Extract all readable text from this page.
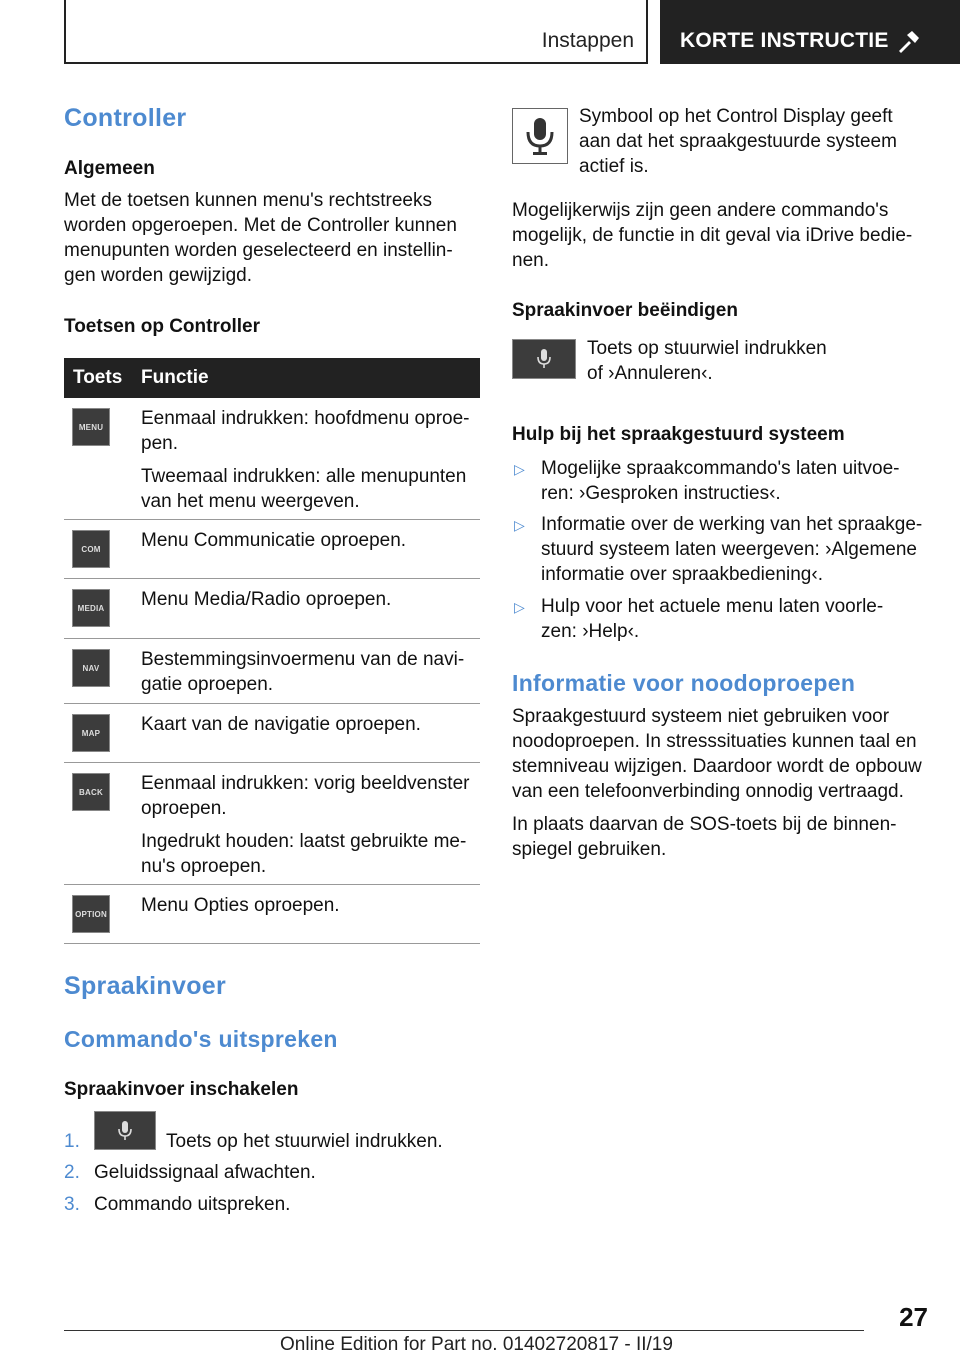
Instappen KORTE INSTRUCTIE
Controller
Algemeen
Met de toetsen kunnen menu's rechtstreeks
worden opgeroepen. Met de Controller kunnen
menupunten worden geselecteerd en instellin‐
gen worden gewijzigd.
Toetsen op Controller
Toets Functie
MENU	Eenmaal indrukken: hoofdmenu oproe‐
pen.

Tweemaal indrukken: alle menupunten
van het menu weergeven.

COM	Menu Communicatie oproepen.
MEDIA Menu Media/Radio oproepen.
NAV	Bestemmingsinvoermenu van de navi‐
gatie oproepen.
MAP	Kaart van de navigatie oproepen.
BACK	Eenmaal indrukken: vorig beeldvenster
oproepen.

Ingedrukt houden: laatst gebruikte me‐
nu's oproepen.

OPTION Menu Opties oproepen.
Spraakinvoer
Commando's uitspreken
Spraakinvoer inschakelen
1.	Toets op het stuurwiel indrukken.
2. Geluidssignaal afwachten.
3. Commando uitspreken.
Symbool op het Control Display geeft
aan dat het spraakgestuurde systeem
actief is.
Mogelijkerwijs zijn geen andere commando's
mogelijk, de functie in dit geval via iDrive bedie‐
nen.
Spraakinvoer beëindigen
Toets op stuurwiel indrukken
of ›Annuleren‹.
Hulp bij het spraakgestuurd systeem
▷ Mogelijke spraakcommando's laten uitvoe‐
ren: ›Gesproken instructies‹.
▷ Informatie over de werking van het spraakge‐
stuurd systeem laten weergeven: ›Algemene
informatie over spraakbediening‹.
▷ Hulp voor het actuele menu laten voorle‐
zen: ›Help‹.
Informatie voor noodoproepen
Spraakgestuurd systeem niet gebruiken voor
noodoproepen. In stresssituaties kunnen taal en
stemniveau wijzigen. Daardoor wordt de opbouw
van een telefoonverbinding onnodig vertraagd.
In plaats daarvan de SOS-toets bij de binnen‐
spiegel gebruiken.
27
Online Edition for Part no. 01402720817 - II/19
